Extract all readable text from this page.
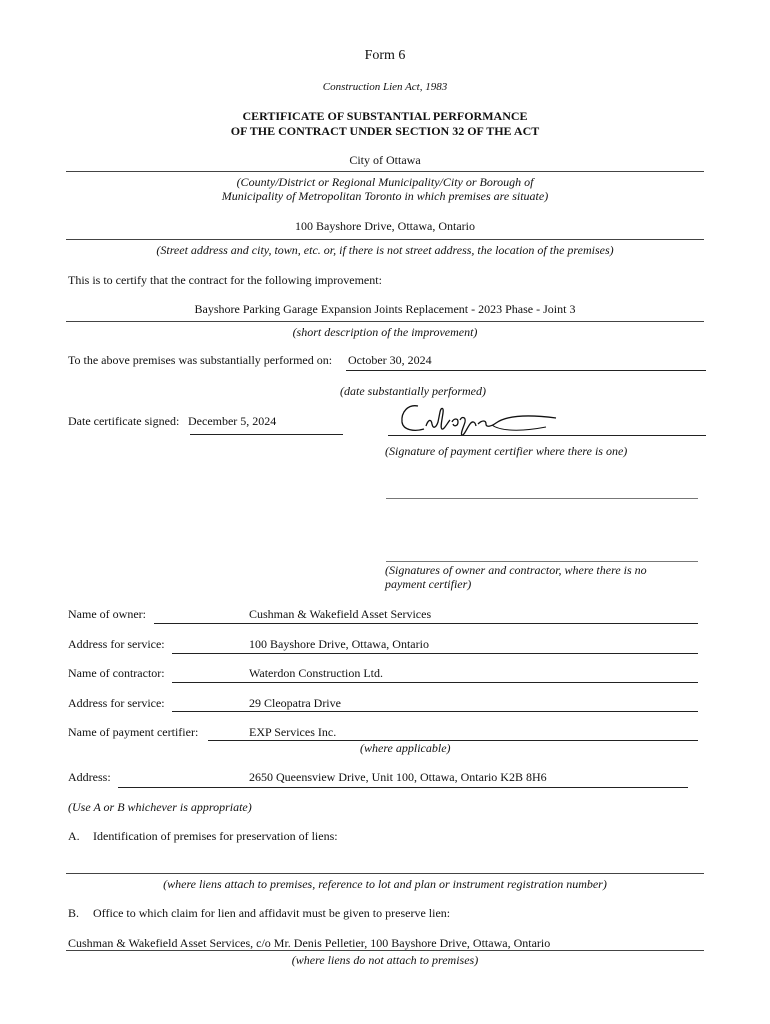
Form 6
Construction Lien Act, 1983
CERTIFICATE OF SUBSTANTIAL PERFORMANCE
OF THE CONTRACT UNDER SECTION 32 OF THE ACT
City of Ottawa
(County/District or Regional Municipality/City or Borough of
Municipality of Metropolitan Toronto in which premises are situate)
100 Bayshore Drive, Ottawa, Ontario
(Street address and city, town, etc. or, if there is not street address, the location of the premises)
This is to certify that the contract for the following improvement:
Bayshore Parking Garage Expansion Joints Replacement - 2023 Phase - Joint 3
(short description of the improvement)
To the above premises was substantially performed on: October 30, 2024
(date substantially performed)
Date certificate signed: December 5, 2024
(Signature of payment certifier where there is one)
(Signatures of owner and contractor, where there is no
payment certifier)
Name of owner:	Cushman & Wakefield Asset Services
Address for service:	100 Bayshore Drive, Ottawa, Ontario
Name of contractor:	Waterdon Construction Ltd.
Address for service:	29 Cleopatra Drive
Name of payment certifier:	EXP Services Inc.
(where applicable)
Address:	2650 Queensview Drive, Unit 100, Ottawa, Ontario K2B 8H6
(Use A or B whichever is appropriate)
A. Identification of premises for preservation of liens:
(where liens attach to premises, reference to lot and plan or instrument registration number)
B. Office to which claim for lien and affidavit must be given to preserve lien:
Cushman & Wakefield Asset Services, c/o Mr. Denis Pelletier, 100 Bayshore Drive, Ottawa, Ontario
(where liens do not attach to premises)
